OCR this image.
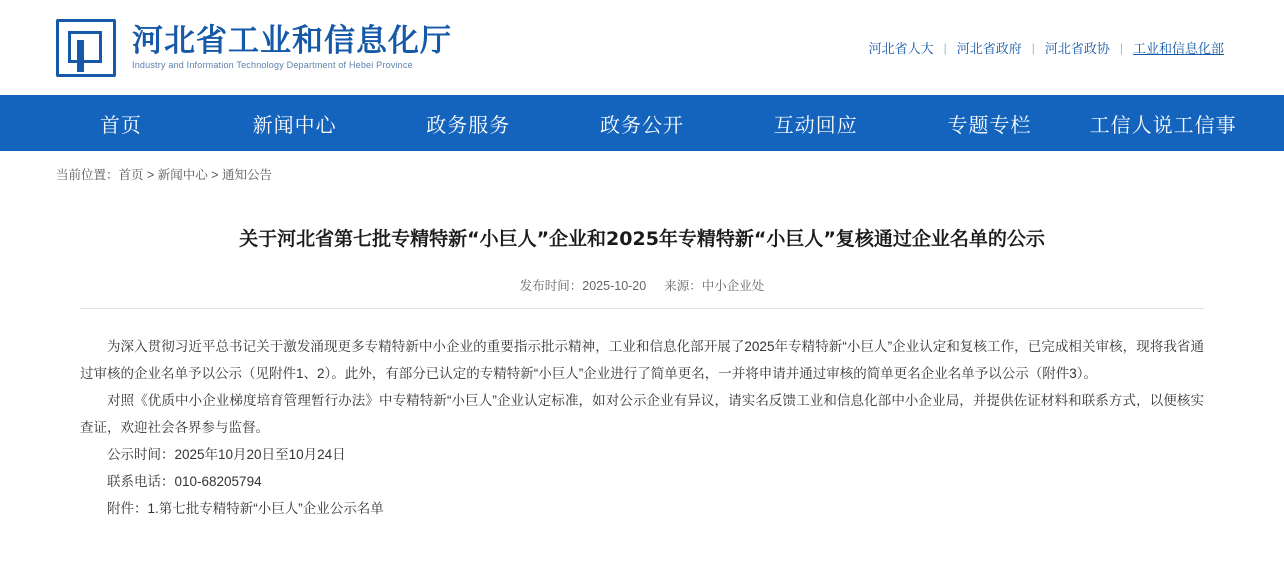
河北省工业和信息化厅
Industry and Information Technology Department of Hebei Province
河北省人大 | 河北省政府 | 河北省政协 | 工业和信息化部
首页	新闻中心	政务服务	政务公开	互动回应	专题专栏	工信人说工信事
当前位置：首页 > 新闻中心 > 通知公告
关于河北省第七批专精特新“小巨人”企业和2025年专精特新“小巨人”复核通过企业名单的公示
发布时间：2025-10-20 来源：中小企业处

为深入贯彻习近平总书记关于激发涌现更多专精特新中小企业的重要指示批示精神，工业和信息化部开展了2025年专精特新“小巨人”企业认定和复核工作，已完成相关审核，现将我省通过审核的企业名单予以公示（见附件1、2）。此外，有部分已认定的专精特新“小巨人”企业进行了简单更名，一并将申请并通过审核的简单更名企业名单予以公示（附件3）。

对照《优质中小企业梯度培育管理暂行办法》中专精特新“小巨人”企业认定标准，如对公示企业有异议，请实名反馈工业和信息化部中小企业局，并提供佐证材料和联系方式，以便核实查证，欢迎社会各界参与监督。

公示时间：2025年10月20日至10月24日

联系电话：010-68205794

附件：1.第七批专精特新“小巨人”企业公示名单
